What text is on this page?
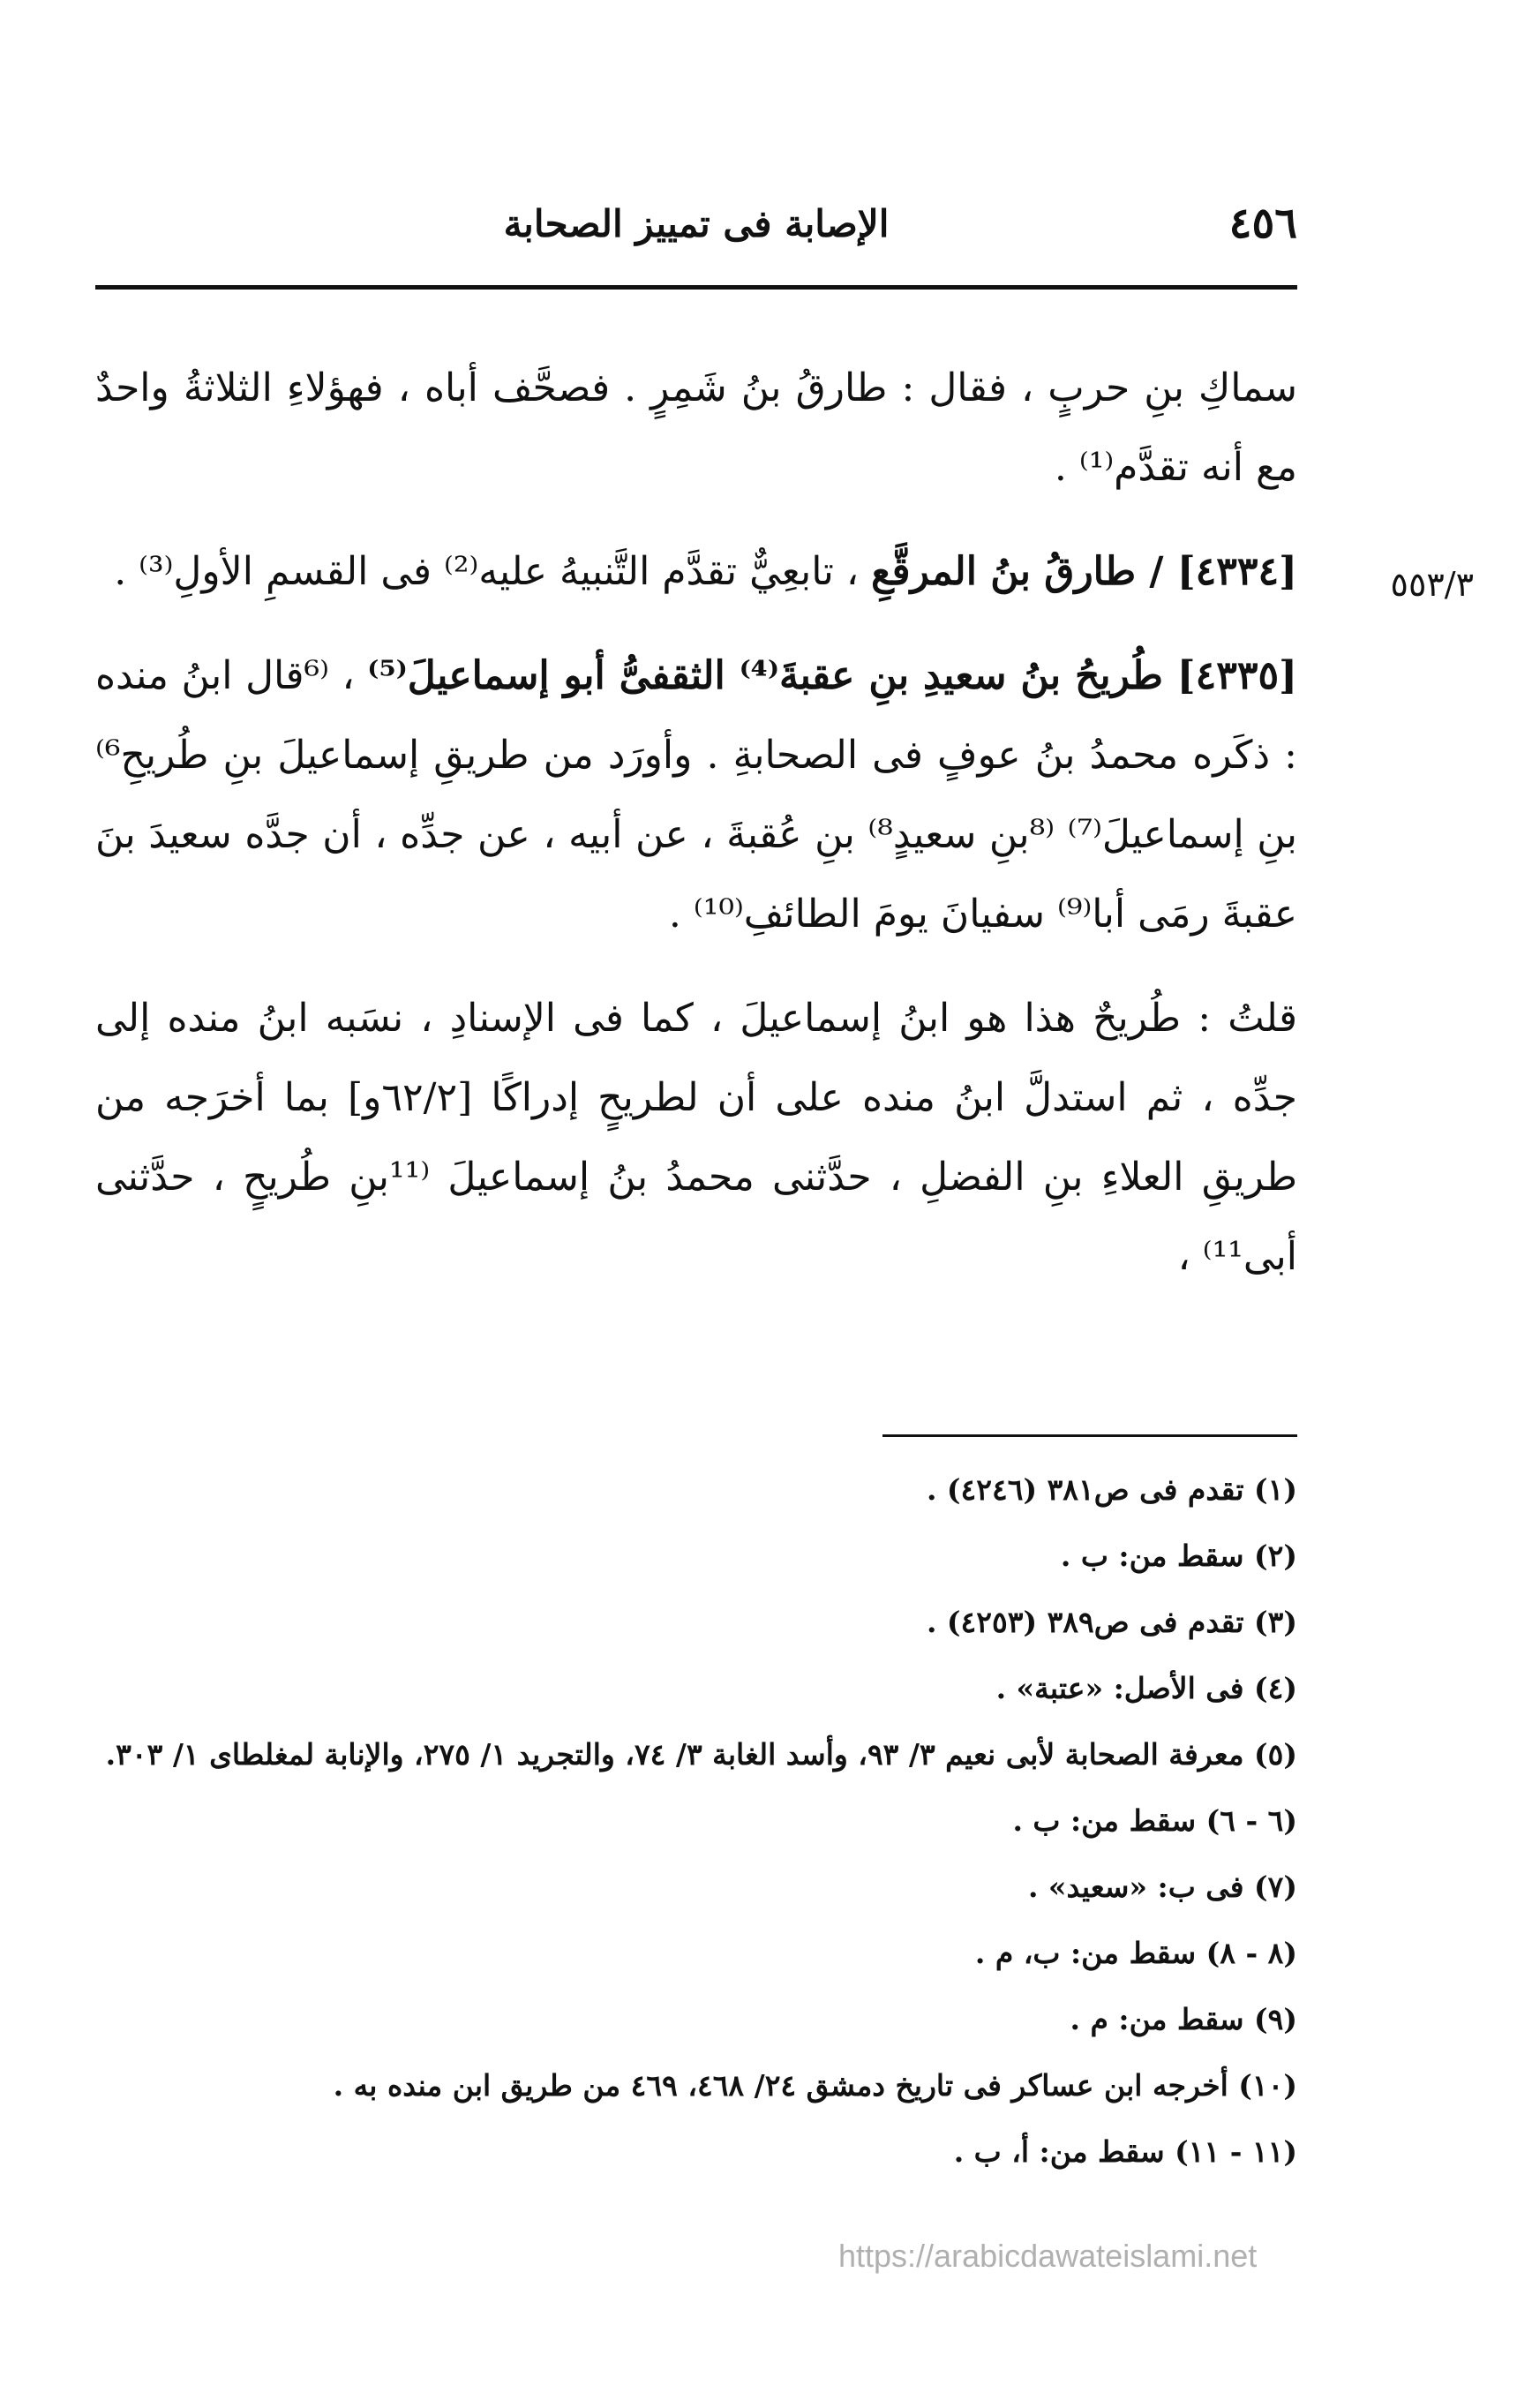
٤٥٦
الإصابة فى تمييز الصحابة
٥٥٣/٣

سماكِ بنِ حربٍ ، فقال : طارقُ بنُ شَمِرٍ . فصحَّف أباه ، فهؤلاءِ الثلاثةُ واحدٌ مع أنه تقدَّم⁽¹⁾ .

[٤٣٣٤] / طارقُ بنُ المرقَّعِ ، تابعِيٌّ تقدَّم التَّنبيهُ عليه⁽²⁾ فى القسمِ الأولِ⁽³⁾ .

[٤٣٣٥] طُريحُ بنُ سعيدِ بنِ عقبةَ⁽⁴⁾ الثقفىُّ أبو إسماعيلَ⁽⁵⁾ ، ⁽⁶قال ابنُ منده : ذكَره محمدُ بنُ عوفٍ فى الصحابةِ . وأورَد من طريقِ إسماعيلَ بنِ طُريحِ⁶⁾ بنِ إسماعيلَ⁽⁷⁾ ⁽⁸بنِ سعيدٍ⁸⁾ بنِ عُقبةَ ، عن أبيه ، عن جدِّه ، أن جدَّه سعيدَ بنَ عقبةَ رمَى أبا⁽⁹⁾ سفيانَ يومَ الطائفِ⁽¹⁰⁾ .

قلتُ : طُريحٌ هذا هو ابنُ إسماعيلَ ، كما فى الإسنادِ ، نسَبه ابنُ منده إلى جدِّه ، ثم استدلَّ ابنُ منده على أن لطريحٍ إدراكًا [٦٢/٢و] بما أخرَجه من طريقِ العلاءِ بنِ الفضلِ ، حدَّثنى محمدُ بنُ إسماعيلَ ⁽¹¹بنِ طُريحٍ ، حدَّثنى أبى¹¹⁾ ،

(١) تقدم فى ص٣٨١ (٤٢٤٦) .
(٢) سقط من: ب .
(٣) تقدم فى ص٣٨٩ (٤٢٥٣) .
(٤) فى الأصل: «عتبة» .
(٥) معرفة الصحابة لأبى نعيم ٣/ ٩٣، وأسد الغابة ٣/ ٧٤، والتجريد ١/ ٢٧٥، والإنابة لمغلطاى ١/ ٣٠٣.
(٦ - ٦) سقط من: ب .
(٧) فى ب: «سعيد» .
(٨ - ٨) سقط من: ب، م .
(٩) سقط من: م .
(١٠) أخرجه ابن عساكر فى تاريخ دمشق ٢٤/ ٤٦٨، ٤٦٩ من طريق ابن منده به .
(١١ - ١١) سقط من: أ، ب .
https://arabicdawateislami.net
